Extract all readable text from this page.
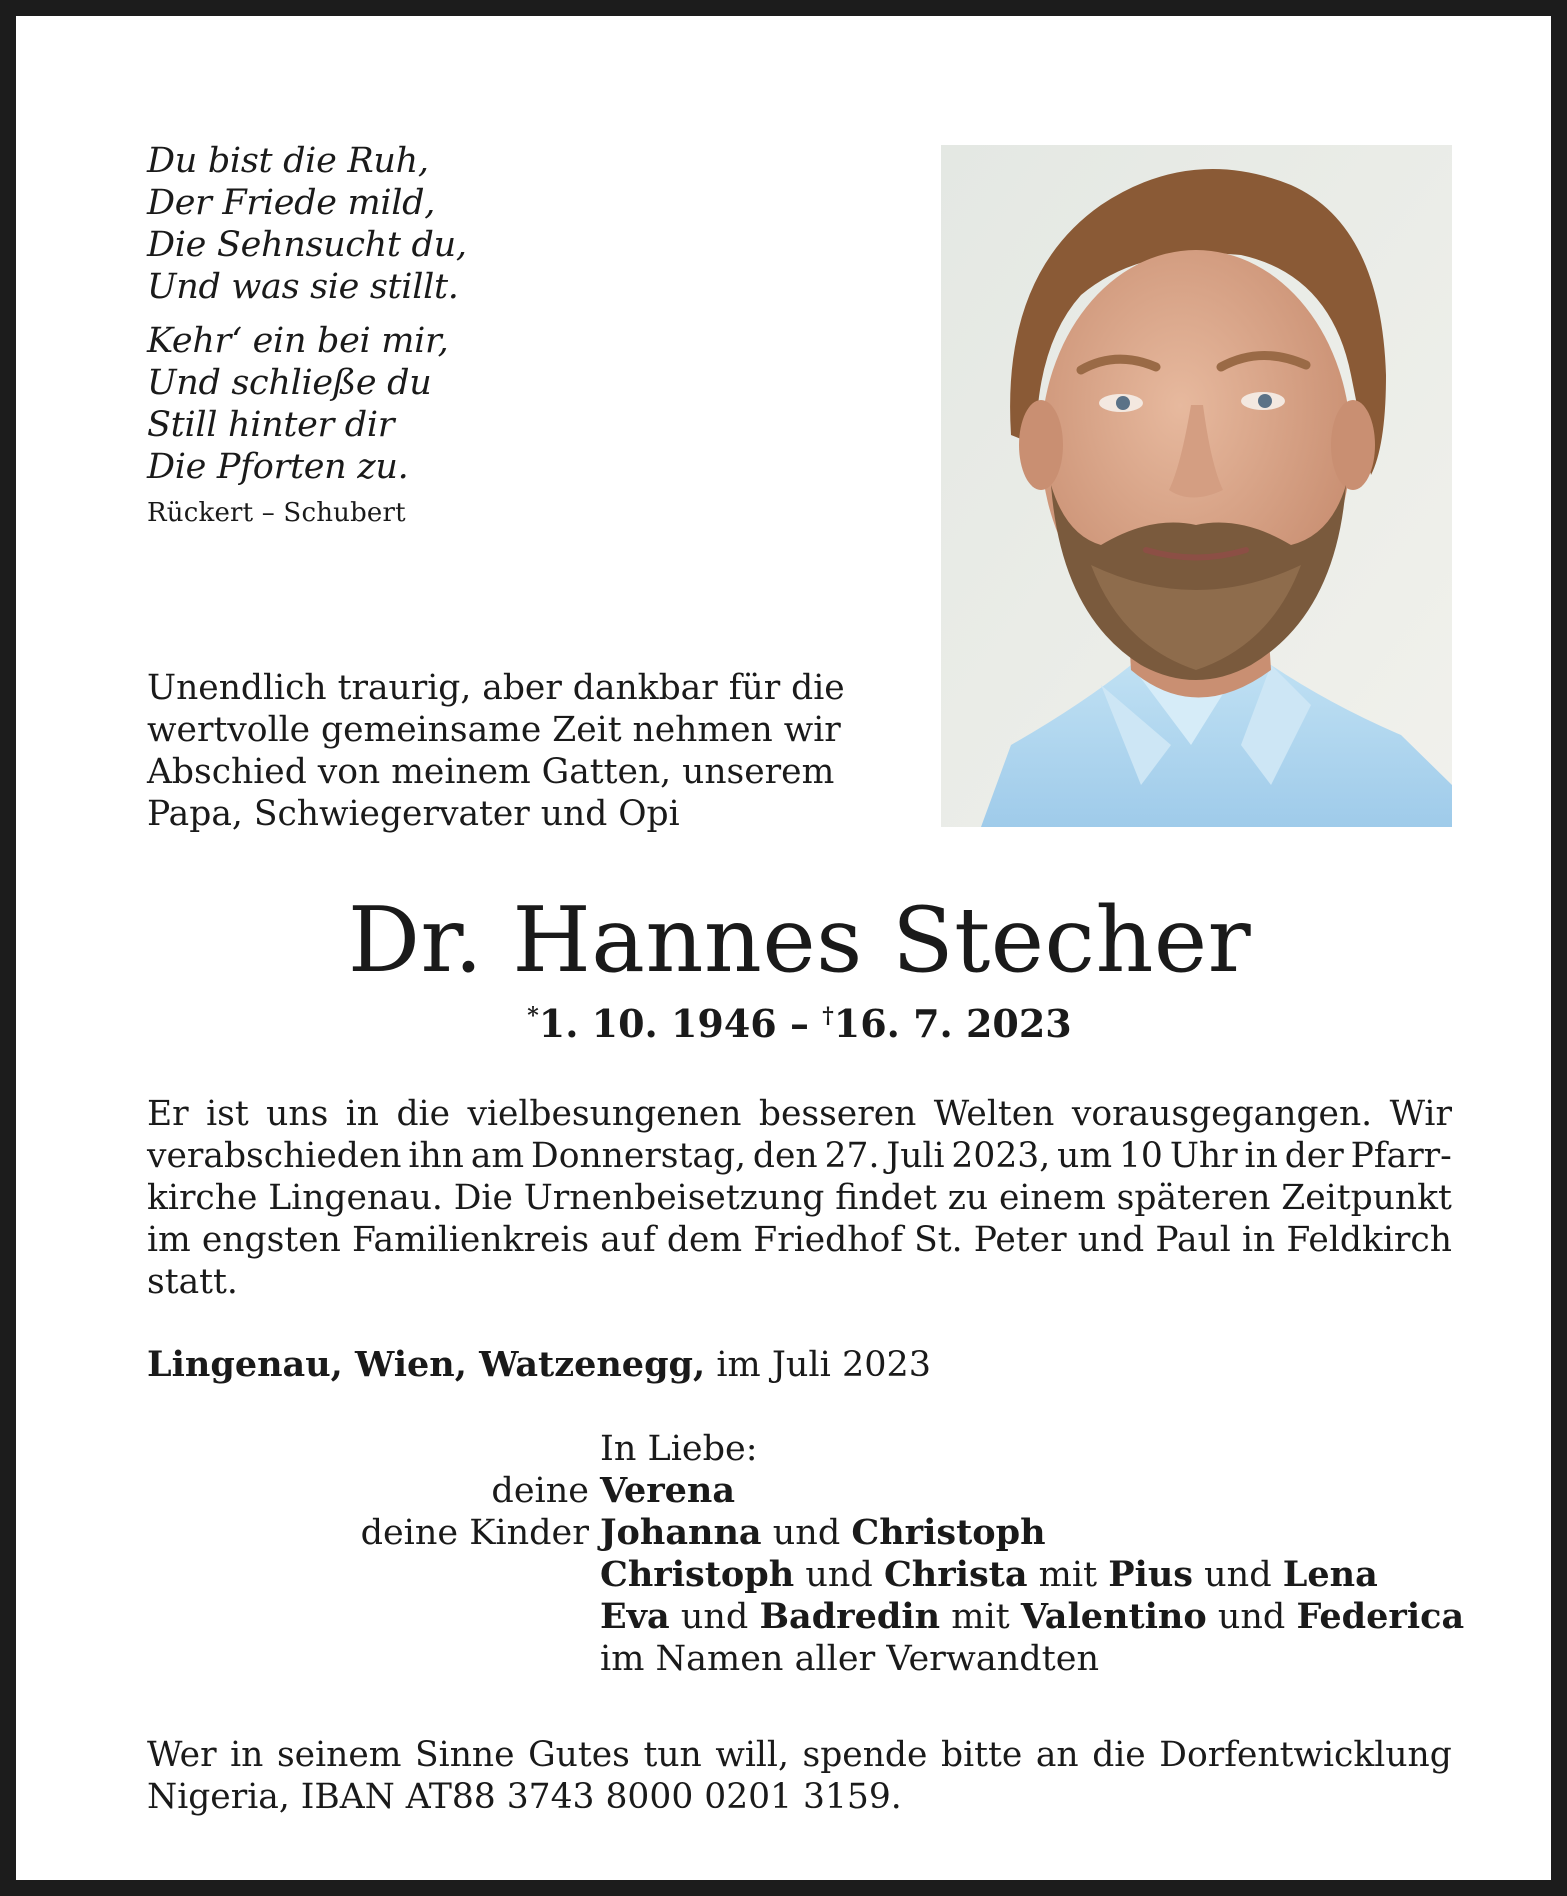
Du bist die Ruh,
Der Friede mild,
Die Sehnsucht du,
Und was sie stillt.

Kehr‘ ein bei mir,
Und schließe du
Still hinter dir
Die Pforten zu.

Rückert – Schubert
Unendlich traurig, aber dankbar für die
wertvolle gemeinsame Zeit nehmen wir
Abschied von meinem Gatten, unserem
Papa, Schwiegervater und Opi
Dr. Hannes Stecher
*1. 10. 1946 – †16. 7. 2023
Er ist uns in die vielbesungenen besseren Welten vorausgegangen. Wir
verabschieden ihn am Donnerstag, den 27. Juli 2023, um 10 Uhr in der Pfarr-
kirche Lingenau. Die Urnenbeisetzung findet zu einem späteren Zeitpunkt
im engsten Familienkreis auf dem Friedhof St. Peter und Paul in Feldkirch
statt.
Lingenau, Wien, Watzenegg, im Juli 2023
In Liebe:
deine Verena
deine Kinder Johanna und Christoph
Christoph und Christa mit Pius und Lena
Eva und Badredin mit Valentino und Federica
im Namen aller Verwandten
Wer in seinem Sinne Gutes tun will, spende bitte an die Dorfentwicklung
Nigeria, IBAN AT88 3743 8000 0201 3159.
